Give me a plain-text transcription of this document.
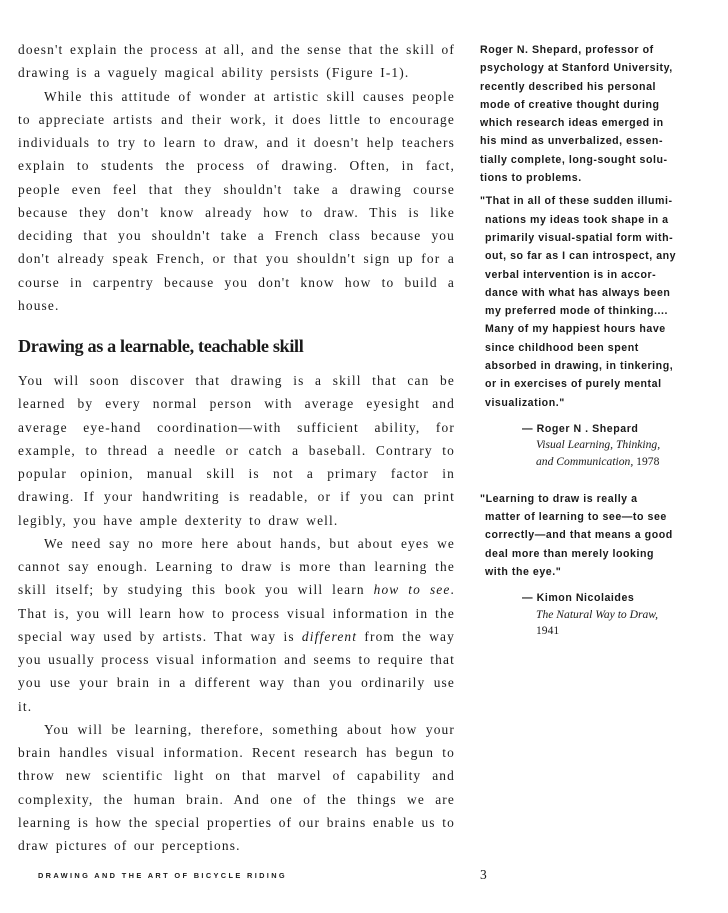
doesn't explain the process at all, and the sense that the skill of drawing is a vaguely magical ability persists (Figure I-1).

While this attitude of wonder at artistic skill causes people to appreciate artists and their work, it does little to encourage individuals to try to learn to draw, and it doesn't help teachers explain to students the process of drawing. Often, in fact, people even feel that they shouldn't take a drawing course because they don't know already how to draw. This is like deciding that you shouldn't take a French class because you don't already speak French, or that you shouldn't sign up for a course in carpentry because you don't know how to build a house.

Drawing as a learnable, teachable skill

You will soon discover that drawing is a skill that can be learned by every normal person with average eyesight and average eye-hand coordination—with sufficient ability, for example, to thread a needle or catch a baseball. Contrary to popular opinion, manual skill is not a primary factor in drawing. If your handwriting is readable, or if you can print legibly, you have ample dexterity to draw well.

We need say no more here about hands, but about eyes we cannot say enough. Learning to draw is more than learning the skill itself; by studying this book you will learn how to see. That is, you will learn how to process visual information in the special way used by artists. That way is different from the way you usually process visual information and seems to require that you use your brain in a different way than you ordinarily use it.

You will be learning, therefore, something about how your brain handles visual information. Recent research has begun to throw new scientific light on that marvel of capability and complexity, the human brain. And one of the things we are learning is how the special properties of our brains enable us to draw pictures of our perceptions.

Roger N. Shepard, professor of
psychology at Stanford University,
recently described his personal
mode of creative thought during
which research ideas emerged in
his mind as unverbalized, essen-
tially complete, long-sought solu-
tions to problems.
"That in all of these sudden illumi-
nations my ideas took shape in a
primarily visual-spatial form with-
out, so far as I can introspect, any
verbal intervention is in accor-
dance with what has always been
my preferred mode of thinking....
Many of my happiest hours have
since childhood been spent
absorbed in drawing, in tinkering,
or in exercises of purely mental
visualization."
— Roger N . Shepard
Visual Learning, Thinking,
and Communication, 1978
"Learning to draw is really a
matter of learning to see—to see
correctly—and that means a good
deal more than merely looking
with the eye."
— Kimon Nicolaides
The Natural Way to Draw,
1941
DRAWING AND THE ART OF BICYCLE RIDING	3
